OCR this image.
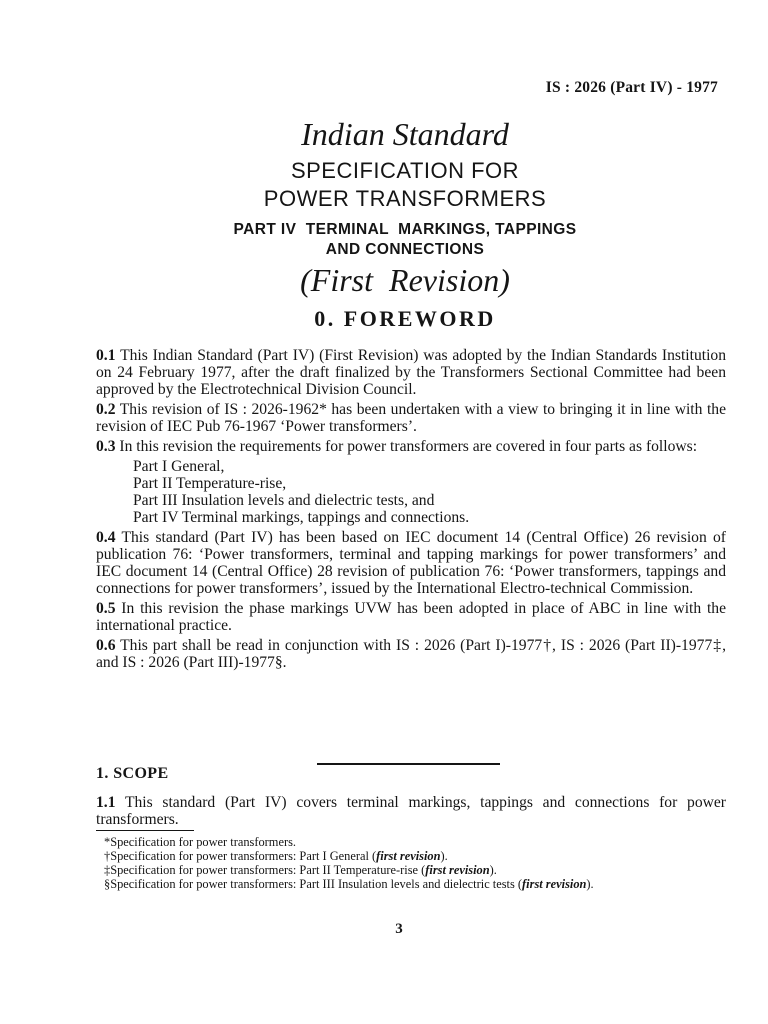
IS : 2026 (Part IV) - 1977
Indian Standard
SPECIFICATION FOR
POWER TRANSFORMERS
PART IV  TERMINAL  MARKINGS, TAPPINGS
AND CONNECTIONS
(First  Revision)
0. FOREWORD

0.1 This Indian Standard (Part IV) (First Revision) was adopted by the Indian Standards Institution on 24 February 1977, after the draft finalized by the Transformers Sectional Committee had been approved by the Electrotechnical Division Council.

0.2 This revision of IS : 2026-1962* has been undertaken with a view to bringing it in line with the revision of IEC Pub 76-1967 ‘Power transformers’.

0.3 In this revision the requirements for power transformers are covered in four parts as follows:

Part I General,
Part II Temperature-rise,
Part III Insulation levels and dielectric tests, and
Part IV Terminal markings, tappings and connections.

0.4 This standard (Part IV) has been based on IEC document 14 (Central Office) 26 revision of publication 76: ‘Power transformers, terminal and tapping markings for power transformers’ and IEC document 14 (Central Office) 28 revision of publication 76: ‘Power transformers, tappings and connections for power transformers’, issued by the International Electro-technical Commission.

0.5 In this revision the phase markings UVW has been adopted in place of ABC in line with the international practice.

0.6 This part shall be read in conjunction with IS : 2026 (Part I)-1977†, IS : 2026 (Part II)-1977‡, and IS : 2026 (Part III)-1977§.

1. SCOPE
1.1 This standard (Part IV) covers terminal markings, tappings and connections for power transformers.
*Specification for power transformers.
†Specification for power transformers: Part I General (first revision).
‡Specification for power transformers: Part II Temperature-rise (first revision).
§Specification for power transformers: Part III Insulation levels and dielectric tests (first revision).
3
